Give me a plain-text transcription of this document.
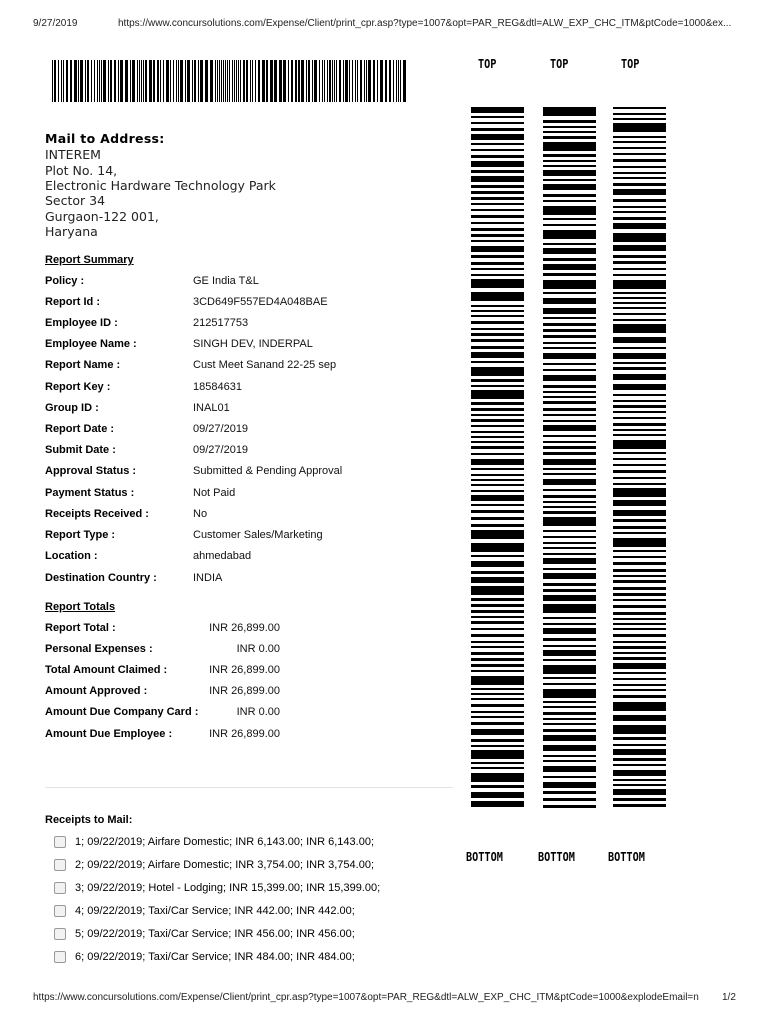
9/27/2019	https://www.concursolutions.com/Expense/Client/print_cpr.asp?type=1007&opt=PAR_REG&dtl=ALW_EXP_CHC_ITM&ptCode=1000&ex...
Mail to Address:
INTEREM
Plot No. 14,
Electronic Hardware Technology Park
Sector 34
Gurgaon-122 001,
Haryana
Report Summary
Policy :	GE India T&L
Report Id :	3CD649F557ED4A048BAE
Employee ID :	212517753
Employee Name :	SINGH DEV, INDERPAL
Report Name :	Cust Meet Sanand 22-25 sep
Report Key :	18584631
Group ID :	INAL01
Report Date :	09/27/2019
Submit Date :	09/27/2019
Approval Status :	Submitted & Pending Approval
Payment Status :	Not Paid
Receipts Received :	No
Report Type :	Customer Sales/Marketing
Location :	ahmedabad
Destination Country :	INDIA
Report Totals
Report Total :	INR 26,899.00
Personal Expenses :	INR 0.00
Total Amount Claimed :	INR 26,899.00
Amount Approved :	INR 26,899.00
Amount Due Company Card :	INR 0.00
Amount Due Employee :	INR 26,899.00
Receipts to Mail:
1; 09/22/2019; Airfare Domestic; INR 6,143.00; INR 6,143.00;
2; 09/22/2019; Airfare Domestic; INR 3,754.00; INR 3,754.00;
3; 09/22/2019; Hotel - Lodging; INR 15,399.00; INR 15,399.00;
4; 09/22/2019; Taxi/Car Service; INR 442.00; INR 442.00;
5; 09/22/2019; Taxi/Car Service; INR 456.00; INR 456.00;
6; 09/22/2019; Taxi/Car Service; INR 484.00; INR 484.00;
TOP	TOP	TOP
BOTTOM	BOTTOM	BOTTOM
https://www.concursolutions.com/Expense/Client/print_cpr.asp?type=1007&opt=PAR_REG&dtl=ALW_EXP_CHC_ITM&ptCode=1000&explodeEmail=n 1/2
